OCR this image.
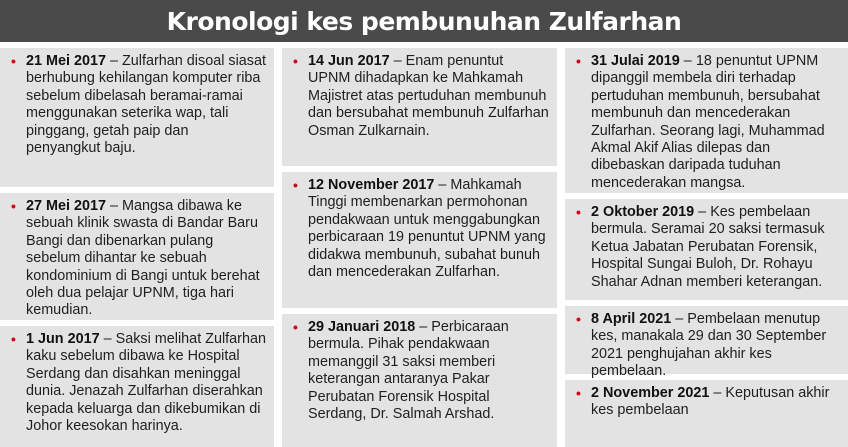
Kronologi kes pembunuhan Zulfarhan
• 21 Mei 2017 – Zulfarhan disoal siasat berhubung kehilangan komputer riba sebelum dibelasah beramai-ramai menggunakan seterika wap, tali pinggang, getah paip dan penyangkut baju.
• 27 Mei 2017 – Mangsa dibawa ke sebuah klinik swasta di Bandar Baru Bangi dan dibenarkan pulang sebelum dihantar ke sebuah kondominium di Bangi untuk berehat oleh dua pelajar UPNM, tiga hari kemudian.
• 1 Jun 2017 – Saksi melihat Zulfarhan kaku sebelum dibawa ke Hospital Serdang dan disahkan meninggal dunia. Jenazah Zulfarhan diserahkan kepada keluarga dan dikebumikan di Johor keesokan harinya.
• 14 Jun 2017 – Enam penuntut UPNM dihadapkan ke Mahkamah Majistret atas pertuduhan membunuh dan bersubahat membunuh Zulfarhan Osman Zulkarnain.
• 12 November 2017 – Mahkamah Tinggi membenarkan permohonan pendakwaan untuk menggabungkan perbicaraan 19 penuntut UPNM yang didakwa membunuh, subahat bunuh dan mencederakan Zulfarhan.
• 29 Januari 2018 – Perbicaraan bermula. Pihak pendakwaan memanggil 31 saksi memberi keterangan antaranya Pakar Perubatan Forensik Hospital Serdang, Dr. Salmah Arshad.
• 31 Julai 2019 – 18 penuntut UPNM dipanggil membela diri terhadap pertuduhan membunuh, bersubahat membunuh dan mencederakan Zulfarhan. Seorang lagi, Muhammad Akmal Akif Alias dilepas dan dibebaskan daripada tuduhan mencederakan mangsa.
• 2 Oktober 2019 – Kes pembelaan bermula. Seramai 20 saksi termasuk Ketua Jabatan Perubatan Forensik, Hospital Sungai Buloh, Dr. Rohayu Shahar Adnan memberi keterangan.
• 8 April 2021 – Pembelaan menutup kes, manakala 29 dan 30 September 2021 penghujahan akhir kes pembelaan.
• 2 November 2021 – Keputusan akhir kes pembelaan
